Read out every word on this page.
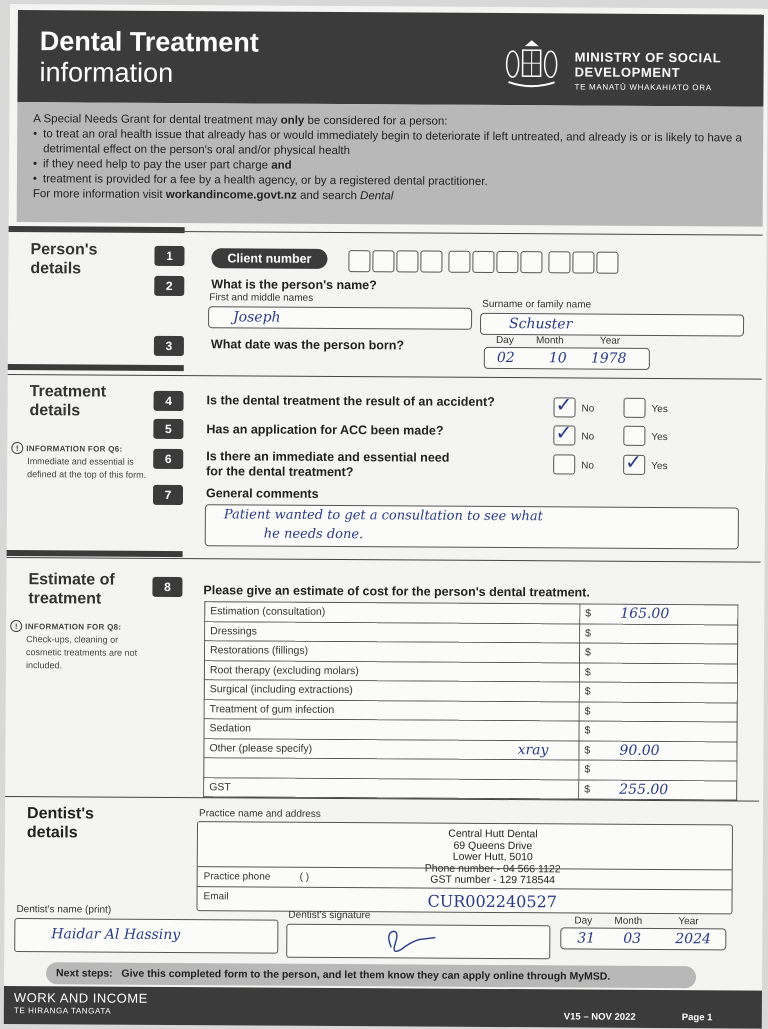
Dental Treatment
information	MINISTRY OF SOCIAL
DEVELOPMENT
TE MANATŪ WHAKAHIATO ORA
A Special Needs Grant for dental treatment may only be considered for a person:
• to treat an oral health issue that already has or would immediately begin to deteriorate if left untreated, and already is or is likely to have a detrimental effect on the person's oral and/or physical health
• if they need help to pay the user part charge and
• treatment is provided for a fee by a health agency, or by a registered dental practitioner.
For more information visit workandincome.govt.nz and search Dental
Person's
details
1
2
3
Client number
What is the person's name?
First and middle names
Joseph
Surname or family name
Schuster
What date was the person born?	Day Month	Year
02 10 1978
Treatment
details
4
5
6
7
! INFORMATION FOR Q6:
Immediate and essential is defined at the top of this form.
Is the dental treatment the result of an accident?
Has an application for ACC been made?
Is there an immediate and essential need
for the dental treatment?
✓ No	Yes
✓ No	Yes
No ✓ Yes
General comments
Patient wanted to get a consultation to see what
he needs done.
Estimate of
treatment
8	Please give an estimate of cost for the person's dental treatment.
! INFORMATION FOR Q8:
Check-ups, cleaning or cosmetic treatments are not included.
Estimation (consultation)	$ 165.00

Dressings	$

Restorations (fillings)	$

Root therapy (excluding molars)	$

Surgical (including extractions)	$

Treatment of gum infection	$

Sedation	$

Other (please specify) xray	$ 90.00

	$

GST	$ 255.00
Dentist's
details
Practice name and address
Central Hutt Dental
69 Queens Drive
Lower Hutt, 5010
Phone number - 04 566 1122
GST number - 129 718544
Practice phone	( )
Email	CUR002240527
Dentist's name (print)
Haidar Al Hassiny
Dentist's signature	Day Month	Year
31 03 2024
Next steps: Give this completed form to the person, and let them know they can apply online through MyMSD.
WORK AND INCOME
TE HIRANGA TANGATA
V15 – NOV 2022	Page 1
